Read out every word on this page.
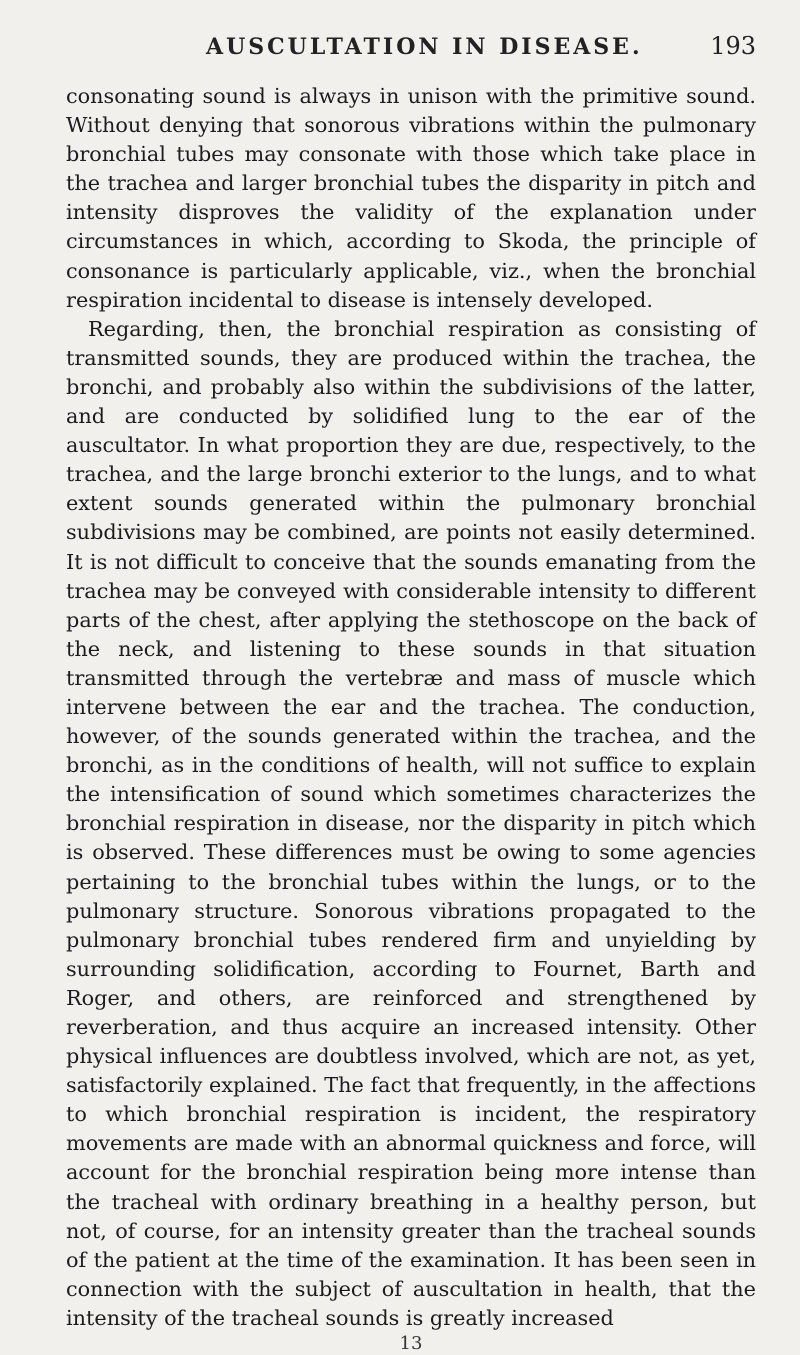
AUSCULTATION IN DISEASE.	193

consonating sound is always in unison with the primitive sound. Without denying that sonorous vibrations within the pulmonary bronchial tubes may consonate with those which take place in the trachea and larger bronchial tubes the disparity in pitch and intensity disproves the validity of the explanation under circumstances in which, according to Skoda, the principle of consonance is particularly applicable, viz., when the bronchial respiration incidental to disease is intensely developed.

Regarding, then, the bronchial respiration as consisting of transmitted sounds, they are produced within the trachea, the bronchi, and probably also within the subdivisions of the latter, and are conducted by solidified lung to the ear of the auscultator. In what proportion they are due, respectively, to the trachea, and the large bronchi exterior to the lungs, and to what extent sounds generated within the pulmonary bronchial subdivisions may be combined, are points not easily determined. It is not difficult to conceive that the sounds emanating from the trachea may be conveyed with considerable intensity to different parts of the chest, after applying the stethoscope on the back of the neck, and listening to these sounds in that situation transmitted through the vertebræ and mass of muscle which intervene between the ear and the trachea. The conduction, however, of the sounds generated within the trachea, and the bronchi, as in the conditions of health, will not suffice to explain the intensification of sound which sometimes characterizes the bronchial respiration in disease, nor the disparity in pitch which is observed. These differences must be owing to some agencies pertaining to the bronchial tubes within the lungs, or to the pulmonary structure. Sonorous vibrations propagated to the pulmonary bronchial tubes rendered firm and unyielding by surrounding solidification, according to Fournet, Barth and Roger, and others, are reinforced and strengthened by reverberation, and thus acquire an increased intensity. Other physical influences are doubtless involved, which are not, as yet, satisfactorily explained. The fact that frequently, in the affections to which bronchial respiration is incident, the respiratory movements are made with an abnormal quickness and force, will account for the bronchial respiration being more intense than the tracheal with ordinary breathing in a healthy person, but not, of course, for an intensity greater than the tracheal sounds of the patient at the time of the examination. It has been seen in connection with the subject of auscultation in health, that the intensity of the tracheal sounds is greatly increased

13
